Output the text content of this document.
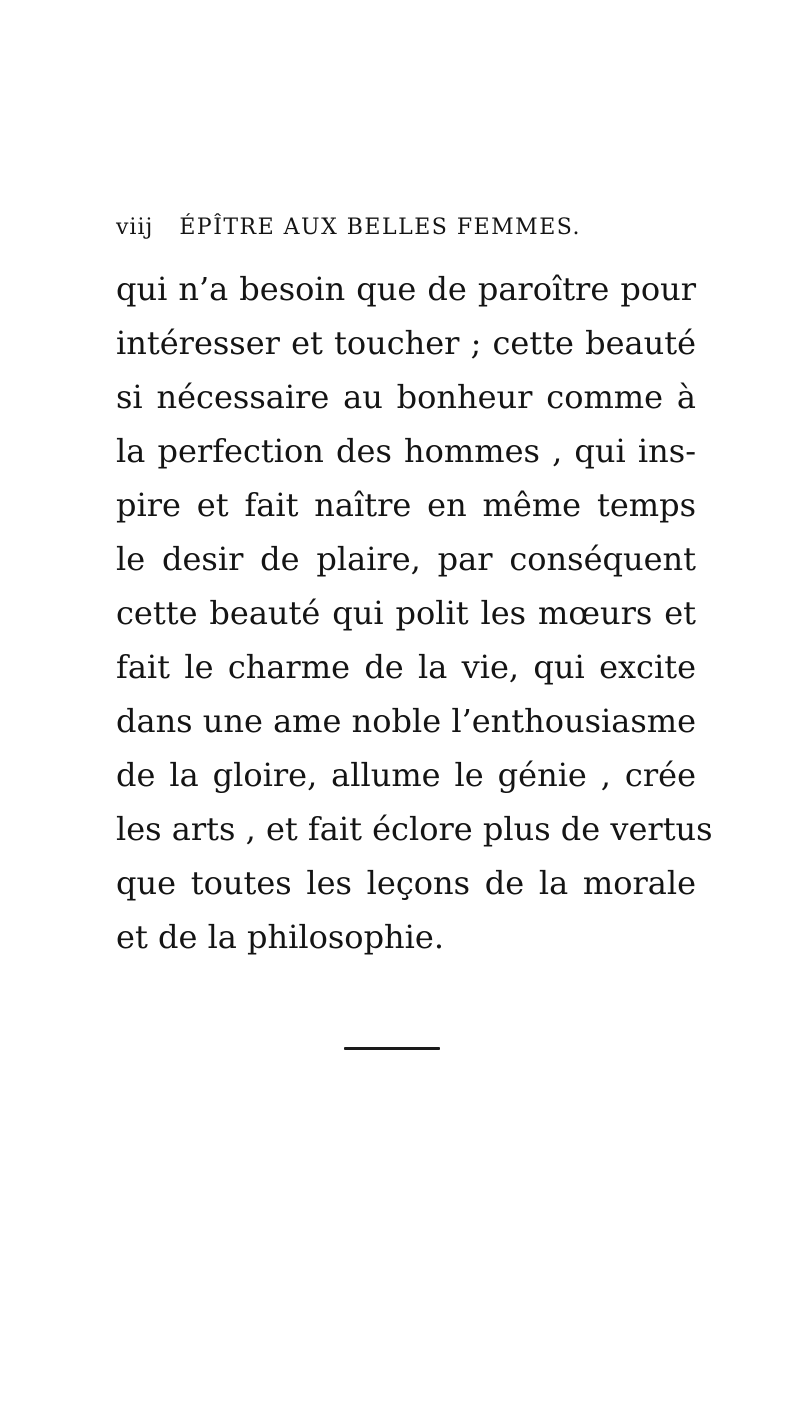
viij ÉPÎTRE AUX BELLES FEMMES.
qui n’a besoin que de paroître pour
intéresser et toucher ; cette beauté
si nécessaire au bonheur comme à
la perfection des hommes , qui ins-
pire et fait naître en même temps
le desir de plaire, par conséquent
cette beauté qui polit les mœurs et
fait le charme de la vie, qui excite
dans une ame noble l’enthousiasme
de la gloire, allume le génie , crée
les arts , et fait éclore plus de vertus
que toutes les leçons de la morale
et de la philosophie.
